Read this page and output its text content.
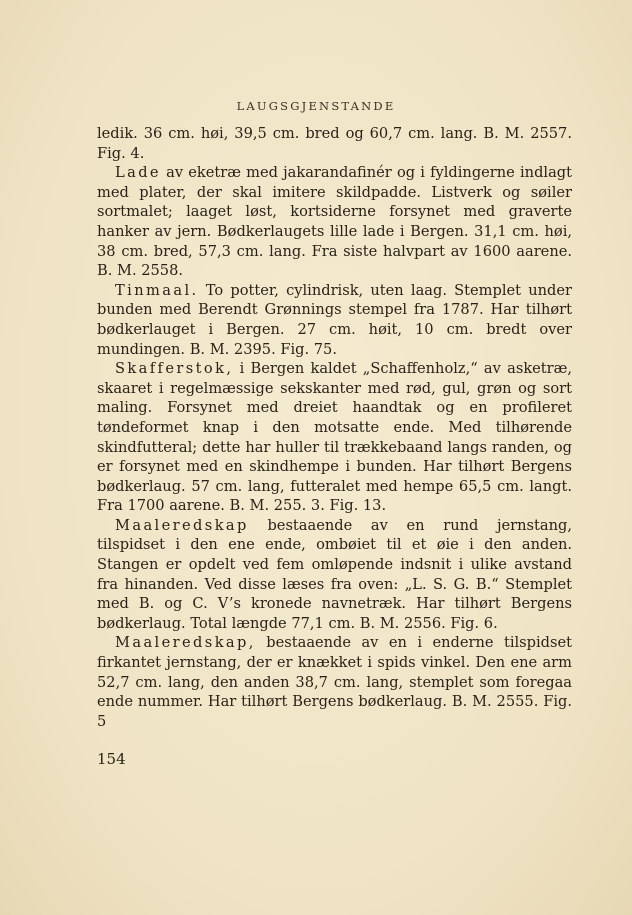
LAUGSGJENSTANDE

ledik. 36 cm. høi, 39,5 cm. bred og 60,7 cm. lang. B. M. 2557. Fig. 4.

Lade av eketræ med jakarandafinér og i fyldingerne indlagt med plater, der skal imitere skildpadde. Listverk og søiler sortmalet; laaget løst, kortsiderne forsynet med graverte hanker av jern. Bødkerlaugets lille lade i Bergen. 31,1 cm. høi, 38 cm. bred, 57,3 cm. lang. Fra siste halvpart av 1600 aarene. B. M. 2558.

Tinmaal. To potter, cylindrisk, uten laag. Stemplet under bunden med Berendt Grønnings stempel fra 1787. Har tilhørt bødkerlauget i Bergen. 27 cm. høit, 10 cm. bredt over mundingen. B. M. 2395. Fig. 75.

Skafferstok, i Bergen kaldet „Schaffenholz,“ av asketræ, skaaret i regelmæssige sekskanter med rød, gul, grøn og sort maling. Forsynet med dreiet haandtak og en profileret tøndeformet knap i den motsatte ende. Med tilhørende skindfutteral; dette har huller til trækkebaand langs randen, og er forsynet med en skindhempe i bunden. Har tilhørt Bergens bødkerlaug. 57 cm. lang, futteralet med hempe 65,5 cm. langt. Fra 1700 aarene. B. M. 255. 3. Fig. 13.

Maaleredskap bestaaende av en rund jernstang, tilspidset i den ene ende, ombøiet til et øie i den anden. Stangen er opdelt ved fem omløpende indsnit i ulike avstand fra hinanden. Ved disse læses fra oven: „L. S. G. B.“ Stemplet med B. og C. V’s kronede navnetræk. Har tilhørt Bergens bødkerlaug. Total længde 77,1 cm. B. M. 2556. Fig. 6.

Maaleredskap, bestaaende av en i enderne tilspidset firkantet jernstang, der er knækket i spids vinkel. Den ene arm 52,7 cm. lang, den anden 38,7 cm. lang, stemplet som foregaa ende nummer. Har tilhørt Bergens bødkerlaug. B. M. 2555. Fig. 5

154
